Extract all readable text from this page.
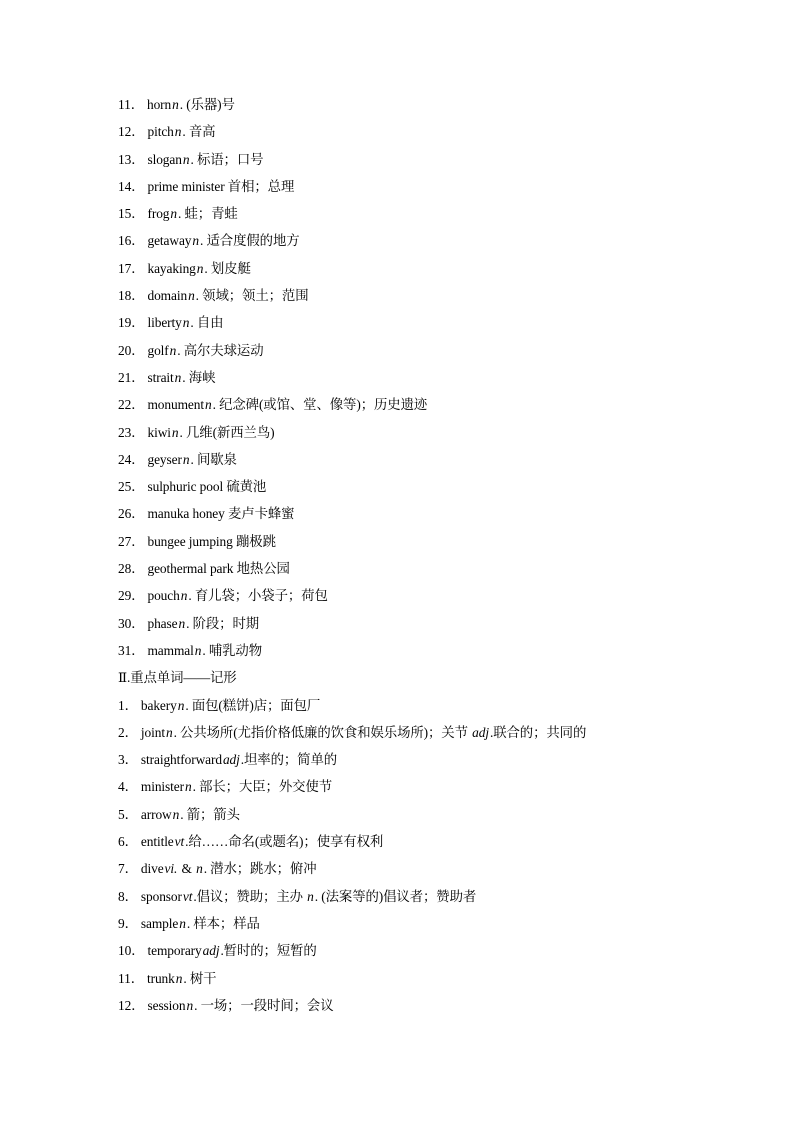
11． hornn. (乐器)号
12． pitchn. 音高
13． slogann. 标语；口号
14． prime minister 首相；总理
15． frogn. 蛙；青蛙
16． getawayn. 适合度假的地方
17． kayakingn. 划皮艇
18． domainn. 领域；领土；范围
19． libertyn. 自由
20． golfn. 高尔夫球运动
21． straitn. 海峡
22． monumentn. 纪念碑(或馆、堂、像等)；历史遗迹
23． kiwin. 几维(新西兰鸟)
24． geysern. 间歇泉
25． sulphuric pool 硫黄池
26． manuka honey 麦卢卡蜂蜜
27． bungee jumping 蹦极跳
28． geothermal park 地热公园
29． pouchn. 育儿袋；小袋子；荷包
30． phasen. 阶段；时期
31． mammaln. 哺乳动物
Ⅱ.重点单词——记形
1． bakeryn. 面包(糕饼)店；面包厂
2． jointn. 公共场所(尤指价格低廉的饮食和娱乐场所)；关节 adj.联合的；共同的
3． straightforwardadj.坦率的；简单的
4． ministern. 部长；大臣；外交使节
5． arrown. 箭；箭头
6． entitlevt.给……命名(或题名)；使享有权利
7． divevi. & n. 潜水；跳水；俯冲
8． sponsorvt.倡议；赞助；主办 n. (法案等的)倡议者；赞助者
9． samplen. 样本；样品
10． temporaryadj.暂时的；短暂的
11． trunkn. 树干
12． sessionn. 一场；一段时间；会议
